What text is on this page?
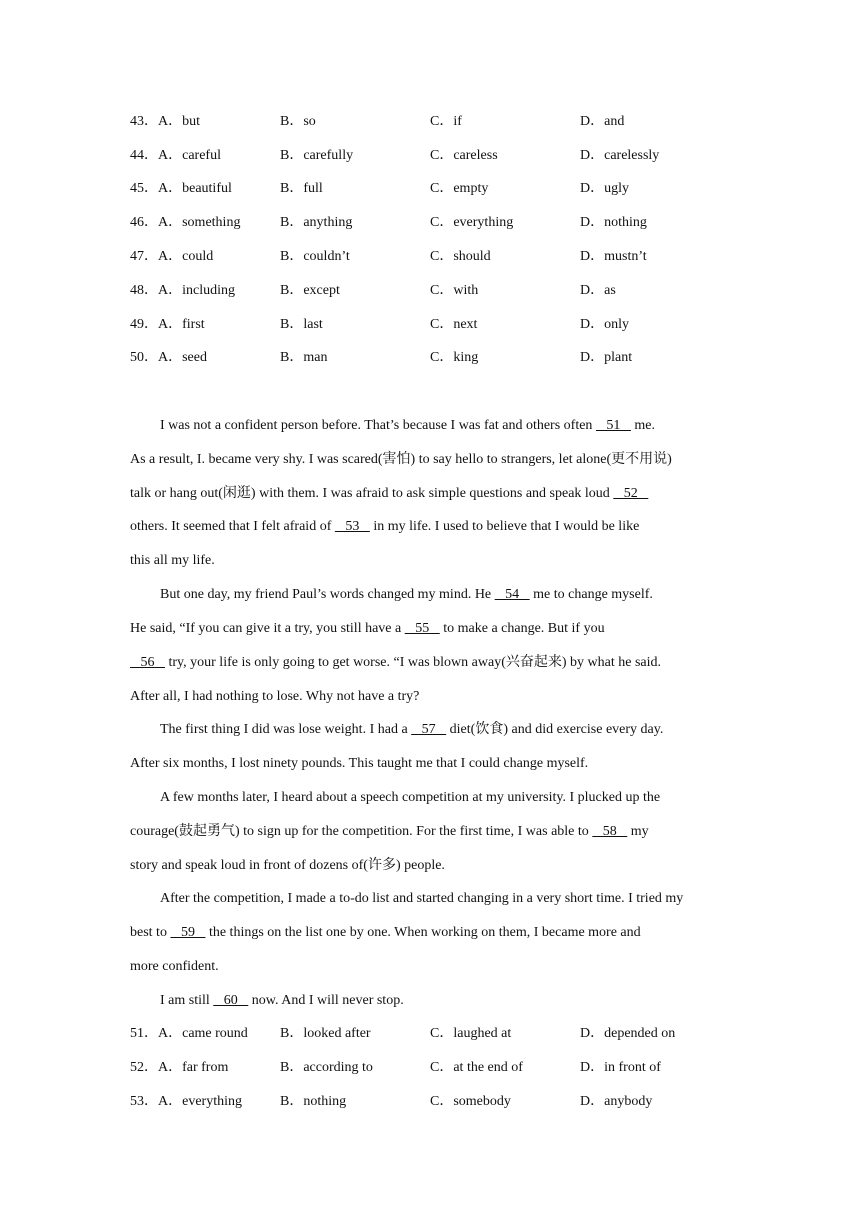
43．A．but	B．so	C．if	D．and
44．A．careful	B．carefully	C．careless	D．carelessly
45．A．beautiful	B．full	C．empty	D．ugly
46．A．something	B．anything	C．everything	D．nothing
47．A．could	B．couldn’t	C．should	D．mustn’t
48．A．including	B．except	C．with	D．as
49．A．first	B．last	C．next	D．only
50．A．seed	B．man	C．king	D．plant
I was not a confident person before. That’s because I was fat and others often    51    me.
As a result, I. became very shy. I was scared(害怕) to say hello to strangers, let alone(更不用说)
talk or hang out(闲逛) with them. I was afraid to ask simple questions and speak loud    52
others. It seemed that I felt afraid of    53    in my life. I used to believe that I would be like
this all my life.
But one day, my friend Paul’s words changed my mind. He    54    me to change myself.
He said, “If you can give it a try, you still have a    55    to make a change. But if you
56    try, your life is only going to get worse. “I was blown away(兴奋起来) by what he said.
After all, I had nothing to lose. Why not have a try?
The first thing I did was lose weight. I had a    57    diet(饮食) and did exercise every day.
After six months, I lost ninety pounds. This taught me that I could change myself.
A few months later, I heard about a speech competition at my university. I plucked up the
courage(鼓起勇气) to sign up for the competition. For the first time, I was able to    58    my
story and speak loud in front of dozens of(许多) people.
After the competition, I made a to-do list and started changing in a very short time. I tried my
best to    59    the things on the list one by one. When working on them, I became more and
more confident.
I am still    60    now. And I will never stop.
51．A．came round B．looked after	C．laughed at	D．depended on
52．A．far from	B．according to	C．at the end of	D．in front of
53．A．everything	B．nothing	C．somebody	D．anybody
